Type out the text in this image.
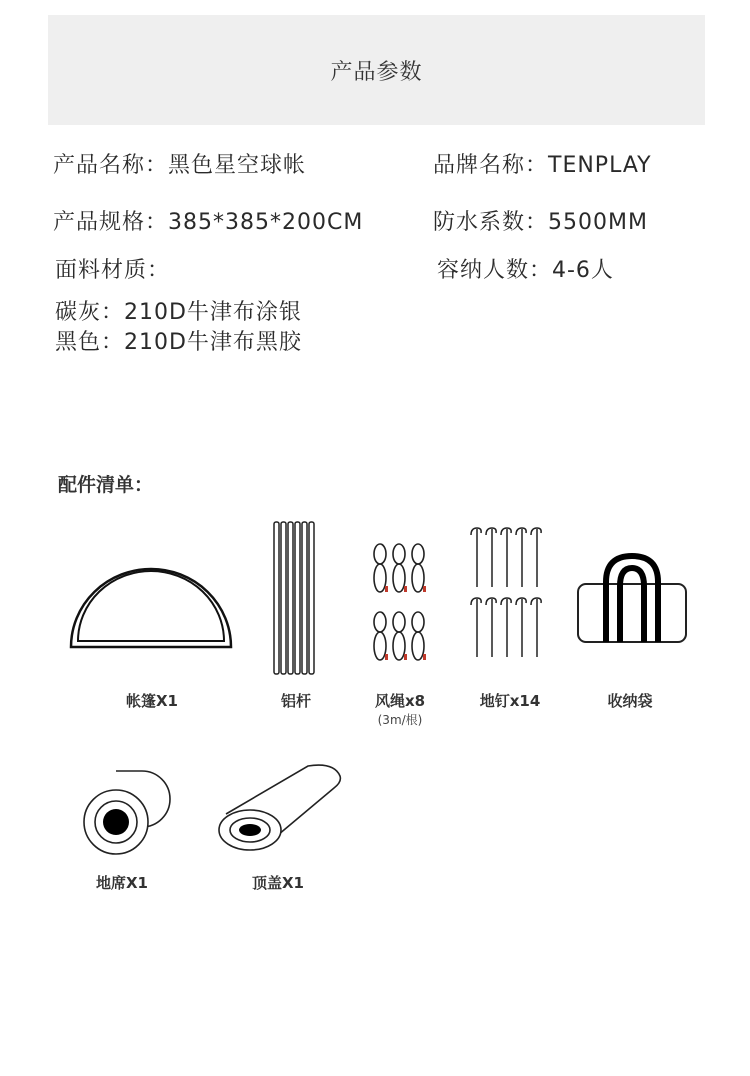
产品参数
产品名称：黑色星空球帐	品牌名称：TENPLAY
产品规格：385*385*200CM	防水系数：5500MM
面料材质：	容纳人数：4-6人
碳灰：210D牛津布涂银
黑色：210D牛津布黑胶
配件清单：
帐篷X1	铝杆	风绳x8
(3m/根)
地钉x14	收纳袋
地席X1	顶盖X1
